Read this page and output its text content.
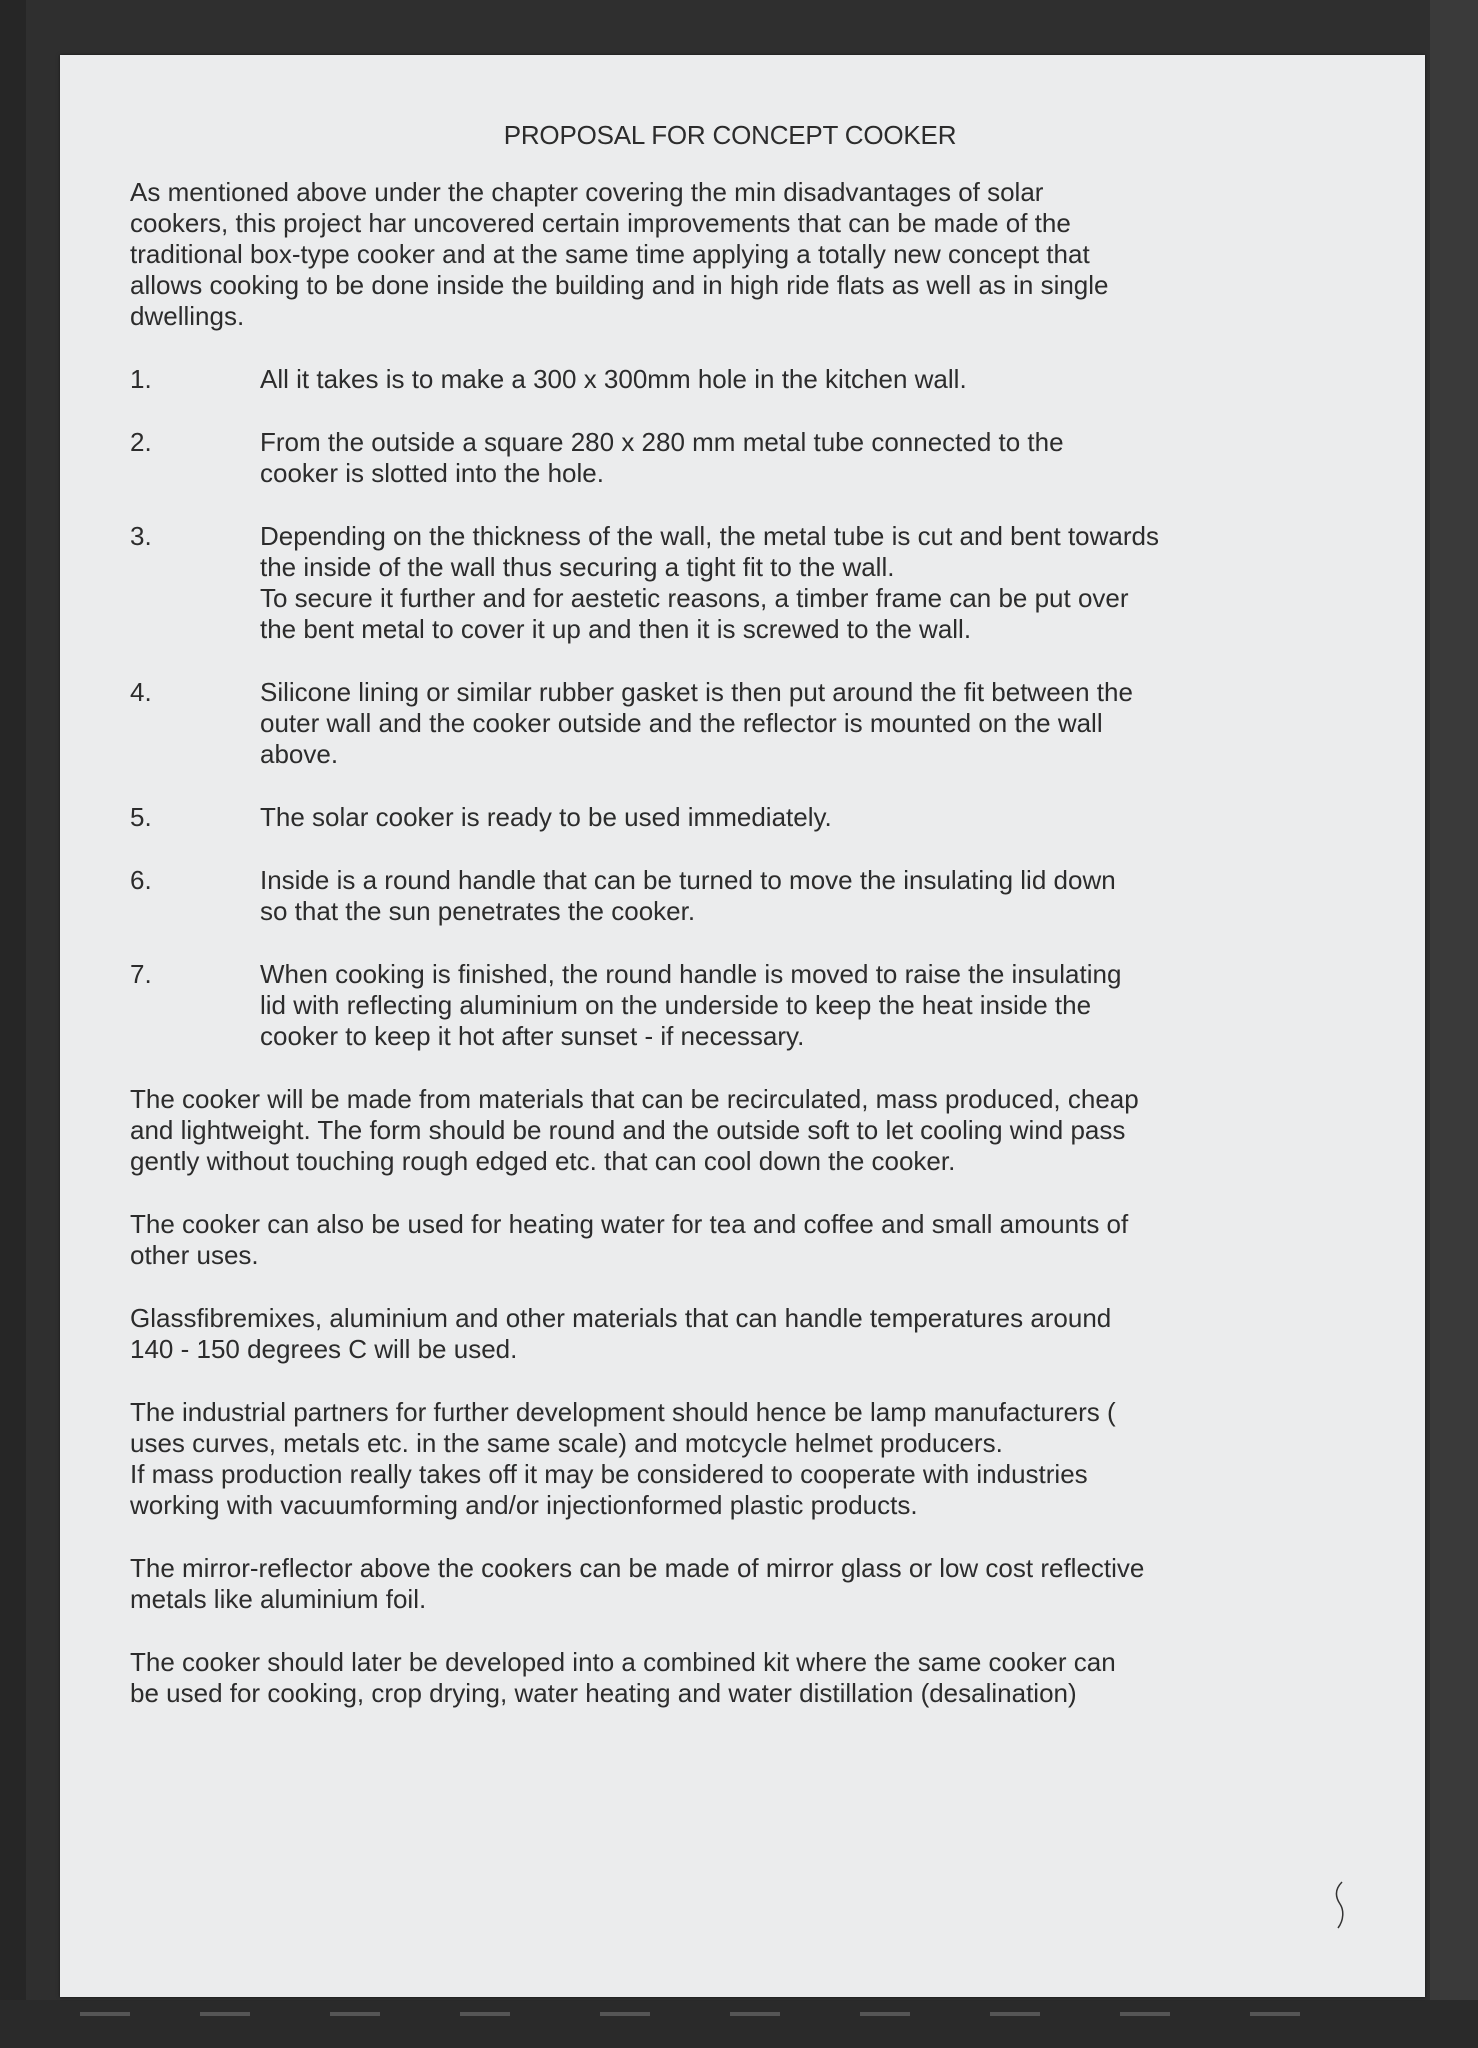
PROPOSAL FOR CONCEPT COOKER
As mentioned above under the chapter covering the min disadvantages of solar
cookers, this project har uncovered certain improvements that can be made of the
traditional box-type cooker and at the same time applying a totally new concept that
allows cooking to be done inside the building and in high ride flats as well as in single
dwellings.
1.	All it takes is to make a 300 x 300mm hole in the kitchen wall.
2.	From the outside a square 280 x 280 mm metal tube connected to the
cooker is slotted into the hole.
3.	Depending on the thickness of the wall, the metal tube is cut and bent towards
the inside of the wall thus securing a tight fit to the wall.
To secure it further and for aestetic reasons, a timber frame can be put over
the bent metal to cover it up and then it is screwed to the wall.
4.	Silicone lining or similar rubber gasket is then put around the fit between the
outer wall and the cooker outside and the reflector is mounted on the wall
above.
5.	The solar cooker is ready to be used immediately.
6.	Inside is a round handle that can be turned to move the insulating lid down
so that the sun penetrates the cooker.
7.	When cooking is finished, the round handle is moved to raise the insulating
lid with reflecting aluminium on the underside to keep the heat inside the
cooker to keep it hot after sunset - if necessary.
The cooker will be made from materials that can be recirculated, mass produced, cheap
and lightweight. The form should be round and the outside soft to let cooling wind pass
gently without touching rough edged etc. that can cool down the cooker.
The cooker can also be used for heating water for tea and coffee and small amounts of
other uses.
Glassfibremixes, aluminium and other materials that can handle temperatures around
140 - 150 degrees C will be used.
The industrial partners for further development should hence be lamp manufacturers (
uses curves, metals etc. in the same scale) and motcycle helmet producers.
If mass production really takes off it may be considered to cooperate with industries
working with vacuumforming and/or injectionformed plastic products.
The mirror-reflector above the cookers can be made of mirror glass or low cost reflective
metals like aluminium foil.
The cooker should later be developed into a combined kit where the same cooker can
be used for cooking, crop drying, water heating and water distillation (desalination)
